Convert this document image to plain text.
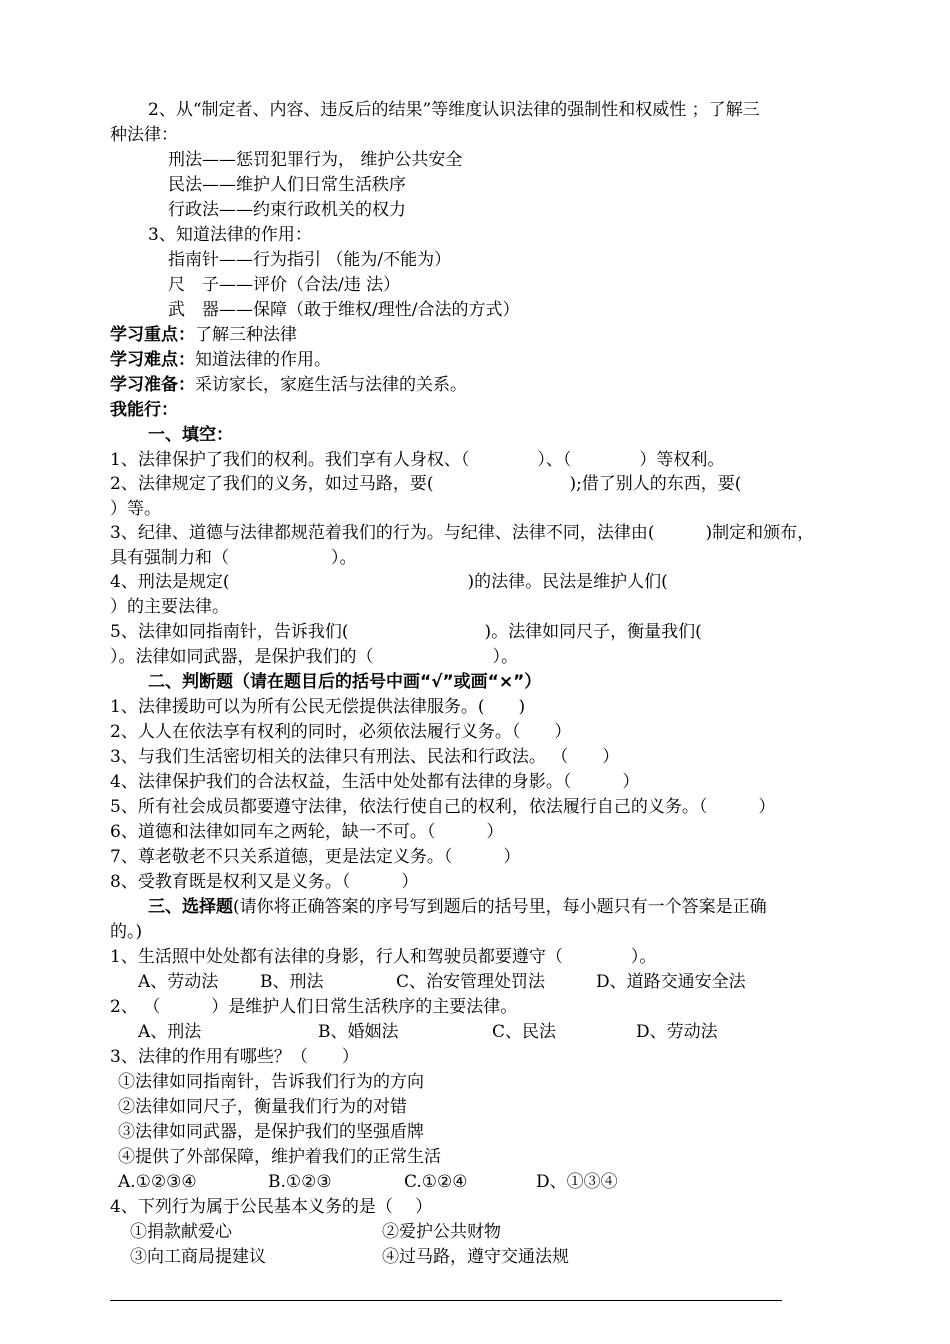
2、从“制定者、内容、违反后的结果”等维度认识法律的强制性和权威性 ；了解三
种法律：
刑法——惩罚犯罪行为， 维护公共安全
民法——维护人们日常生活秩序
行政法——约束行政机关的权力
3、知道法律的作用：
指南针——行为指引 （能为/不能为）
尺　子——评价（合法/违 法）
武　器——保障（敢于维权/理性/合法的方式）
学习重点：了解三种法律
学习难点：知道法律的作用。
学习准备：采访家长，家庭生活与法律的关系。
我能行：
一、填空：
1、法律保护了我们的权利。我们享有人身权、（　　　　）、（　　　　）等权利。
2、法律规定了我们的义务，如过马路，要(　　　　　　　　);借了别人的东西，要(
）等。
3、纪律、道德与法律都规范着我们的行为。与纪律、法律不同，法律由(　　　)制定和颁布，
具有强制力和（　　　　　　）。
4、刑法是规定(　　　　　　　　　　　　　　)的法律。民法是维护人们(
）的主要法律。
5、法律如同指南针，告诉我们(　　　　　　　　)。法律如同尺子，衡量我们(
）。法律如同武器，是保护我们的（　　　　　　　）。
二、判断题（请在题目后的括号中画“√”或画“×”）
1、法律援助可以为所有公民无偿提供法律服务。(　　)
2、人人在依法享有权利的同时，必须依法履行义务。（　　）
3、与我们生活密切相关的法律只有刑法、民法和行政法。 （　　）
4、法律保护我们的合法权益，生活中处处都有法律的身影。（　　　）
5、所有社会成员都要遵守法律，依法行使自己的权利，依法履行自己的义务。（　　　）
6、道德和法律如同车之两轮，缺一不可。（　　　）
7、尊老敬老不只关系道德，更是法定义务。（　　　）
8、受教育既是权利又是义务。（　　　）
三、选择题(请你将正确答案的序号写到题后的括号里，每小题只有一个答案是正确
的。)
1、生活照中处处都有法律的身影，行人和驾驶员都要遵守（　　　　）。
A、劳动法 B、刑法	C、治安管理处罚法	D、道路交通安全法
2、 （　　　）是维护人们日常生活秩序的主要法律。
A、刑法	B、婚姻法	C、民法	D、劳动法
3、法律的作用有哪些？（　　）
①法律如同指南针，告诉我们行为的方向
②法律如同尺子，衡量我们行为的对错
③法律如同武器，是保护我们的坚强盾牌
④提供了外部保障，维护着我们的正常生活
A.①②③④	B.①②③	C.①②④	D、①③④
4、下列行为属于公民基本义务的是（　 ）
①捐款献爱心	②爱护公共财物
③向工商局提建议	④过马路，遵守交通法规
